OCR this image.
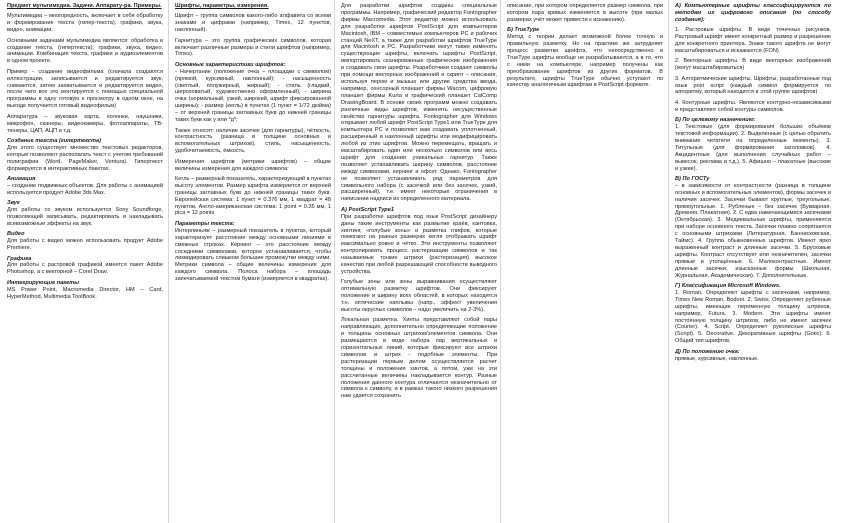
Предмет мультимедиа. Задачи. Аппарату-ра. Примеры.
Мультимедиа – многоредность, включает в себя обработку и формирование текста (гипер-текста), графики, звука, видео, анимации.
Основными задачами мультимедиа являются: обработка и создание текста, (гипертекста), графики, звука, видео, анимации. Комбинация текста, графики и аудиоэлементов в одном проекте.
Пример - создание видеофильма (сначала создаются иллюстрации, записывается и редактируется звук, снимаются, затем захватывается и редактируется видео, после чего все это монтируется с помощью специальной программы в одну готовую к просмотру в одном окне, на выходе получается готовый видеофильм)
Аппаратура – звуковая карта, колонки, наушники, микрофон, сканеры, видеокамеры, фотоаппараты, ТВ-тюнеры, ЦАП, АЦП и т.д.
Создание текста (гипертекста)
Для этого существует множество текстовых редакторов, которые позволяют располагать текст с учетом требований полиграфии (Word, PageMaker, Ventura). Гипертекст формируется в интерактивных пакетах.
Анимация
– создание подвижных объектов. Для работы с анимацией используется продукт Adobe 3ds Max.
Звук
Для работы со звуком используется Sony Soundforge, позволяющий записывать, редактировать и накладывать всевозможные эффекты на звук.
Видео
Для работы с видео можно использовать продукт Adobe Premiere.
Графика
Для работы с растровой графикой имеется пакет Adobe Photoshop, а с векторной – Corel Draw.
Интегрирующие пакеты
MS Power Point, Macromedia Director, HM – Card, HyperMethod, Multimedia ToolBook.
Шрифты, параметры, измерения.
Шрифт – группа символов какого-либо алфавита со всеми знаками и цифрами (например, Times, 12 пунктов, наклонный).
Гарнитура – это группа графических символов, которая включает различные размеры и стили шрифтов (например, Times).
Основные характеристики шрифтов:
- Начертание (положение очка – площадки с символом) (прямой, курсивный, наклонный); - насыщенность (светлый, полужирный, жирный); - стиль (гладкий, шероховатый, художественно оформленный); - ширина очка (нормальный, узкий, широкий, шрифт фиксированной ширины); - размер (кегль) в пунктах (1 пункт = 1/72 дюйма) – от верхней границы заглавных букв до нижней границы таких букв как у или *д*;
Также относят: наличие засечек (для гарнитуры), чёткость, контрастность (разница в толщине основных и вспомогательных штрихов), стиль, насыщенность, удобочитаемость, ёмкость.
Измерения шрифтов (метрики шрифтов) – общие величины измерения для каждого символа:
Кегль – размерный показатель, характеризующий в пунктах высоту элементов. Размер шрифта измеряется от верхней границы заглавных букв до нижней границы таких букв. Европейская система: 1 пункт = 0.376 мм, 1 квадрат = 48 пунктов. Англо-американская система: 1 point = 0.35 мм, 1 pica = 12 points
Параметры текста:
Интерлиньяж – размерный показатель в пунктах, который характеризует расстояние между основными линиями в смежных строках. Кернинг – это расстояние между соседними символами, которое устанавливается, чтобы ликвидировать слишком большие промежутки между ними. Метрики символа – общие величины измерения для каждого символа. Полоса набора – площадь запечатываемой текстом бумаги (измеряется в квадратах).
Для разработки шрифтов созданы специальные программы. Например, графический редактор Fontographer фирмы Macromedia. Этот редактор можно использовать для разработки шрифтов PostScript для компьютеров Macintosh, IBM – совместимых компьютеров PC и рабочих станций NeXT, а также для разработки шрифтов TrueType для Macintosh и PC. Разработчики могут также изменять существующие шрифты, включать шрифты PostScript, импортировать сканированные графические изображения и создавать свои шрифты. Разработчики создают символы при помощи векторных изображений и скрипт – описания, используя пером и мышью или другие средства ввода, например, сенсорный планшет фирмы Wacom, цифровую планшет фирмы Kurta и графический планшет CalComp DrawingBoard. В основе своих программ можно создавать различные виды шрифтов, изменять несущественные свойства гарнитуры шрифта. Fontographer для Windows открывает любой шрифт PostScript Type1 или TrueType для компьютера PC и позволяет вам создавать уплотненный, расширенный и наклонный шрифты или модифицировать любой из этих шрифтов. Можно перемещать, вращать и масштабировать один или несколько символов или весь шрифт для создания уникальных гарнитур. Также позволяет устанавливать ширину символов, расстояние между символами, кернинг и офсет. Однако, Fontographer не позволяет устанавливать ряд параметров для символьного набора (с засечкой или без засечек, узкий, расширенный), т.е. имеет некоторые ограничения в написании надписи из определенного материала.
А) PostScript Type1
При разработке шрифтов под язык PostScript дизайнеру даны такие инструменты как размытие краёв, кантовка, хинтинг, «голубые зоны» и разметка глифов, которые помогают на разных размерах кегля отображать шрифт максимально ровно и чётко. Эти инструменты позволяют контролировать процесс растеризации символов и так называемые тонкие штрихи (растеризация) высокое качество при любой разрешающей способности выводного устройства.
Голубые зоны или зоны выравнивания осуществляют оптимальную разметку шрифтов. Они фиксируют положение и ширину всех областей, в которых находятся т.н. оптические наплывы (напр., эффект увеличения высоты округлых символов – надо увеличить на 2-3%).
Локальная разметка. Хинты представляют собой пары направляющих, дополнительно определяющие положение и толщины основных штрихов/элементов символа. Они размещаются в виде набора пар вертикальных и горизонтальных линий, которые фиксируют все штрихи символов и штрих - подобные элементы. При растеризации первым делом осуществляется расчет толщины и положения хинтов, а потом, уже на эти рассчитанные величины накладывается контур. Разные положения данного контура отличаются незначительно от символа к символу, и в рамках такого низкого разрешения нам удается сохранить
описание, при котором определяется размер символа, при котором пара кривых изменяется в высоте (при малых размерах учёт может привести к искажению).
Б) TrueType
Метод с теории делает возможной более точную и правильную разметку. Но на практике же затрудняет процесс разметки шрифта, что непосредственно в TrueType шрифты вообще не разрабатываются, а в то, что с ними на компьютере, например получены как преобразование шрифтов из других форматов. В результате, шрифты TrueType обычно уступают по качеству аналогичным шрифтам в PostScript формате.
А) Компьютерные шрифты классифицируются по методам их цифрового описания (по способу создания):
1. Растровые шрифты. В виде точечных рисунков. Растровый шрифт имеет конкретный размер и разрешение для конкретного принтера. Знаки такого шрифта не могут масштабироваться и искажаются (FON)
2. Векторные шрифты. В виде векторных изображений (могут масштабироваться)
3. Алгоритмические шрифты. Шрифты, разработанные под язык post script (каждый символ формируется по алгоритму, который находится в этой группе шрифтов)
4. Контурные шрифты. Являются контурно-независимыми и представляют собой контуры символов.
Б) По целевому назначению:
1. Текстовые (для формирования больших объёмов текстовой информации). 2. Выделенные (с целью обратить внимание читателя на определенные моменты). 3. Титульные (для формирования заголовков). 4. Акцидентные (для выполнения случайных работ – вывесок, реклама и т.д.). 5. Афишно – плакатные (высокие и узкие).
В) По ГОСТу
– в зависимости от контрастности (разница в толщине основных и вспомогательных элементов), формы засечек и наличия засечек. Засечки бывают круглые, треугольные, прямоугольные. 1. Рубленые – без засечек (Букварная, Древняя, Плакатная). 2. С едва намечающимися засечками (Октябрьская). 3. Медиевальные шрифты, применяются при наборе основного текста. Засечки плавно сопрягаются с основными штрихами (Литературная, Баннисковская, Таймс). 4. Группа обыкновенных шрифтов. Имеют ярко выраженный контраст и длинные засечки. 5. Брусковые шрифты. Контраст отсутствует или незначителен, засечки прямые и утолщённые. 6. Малоконтрастные. Имеют длинные засечки, изысканные формы (Школьная, Журнальная, Академическая). 7. Дополнительные.
Г) Классификация Microsoft Windows.
1. Roman. Определяет шрифты с засечками, например, Times New Roman, Bodoni. 2. Swiss. Определяет рубленые шрифты, имеющие переменную толщину штрихов, например, Futura. 3. Modern. Эти шрифты имеют постоянную толщину штрихов, либо не имеют засечек (Courier). 4. Script. Определяет рукописные шрифты (Script). 5. Decorative. Декоративные шрифты (Gotic). 6. Общий тип шрифтов.
Д) По положению очка:
прямые, курсивные, наклонные.
